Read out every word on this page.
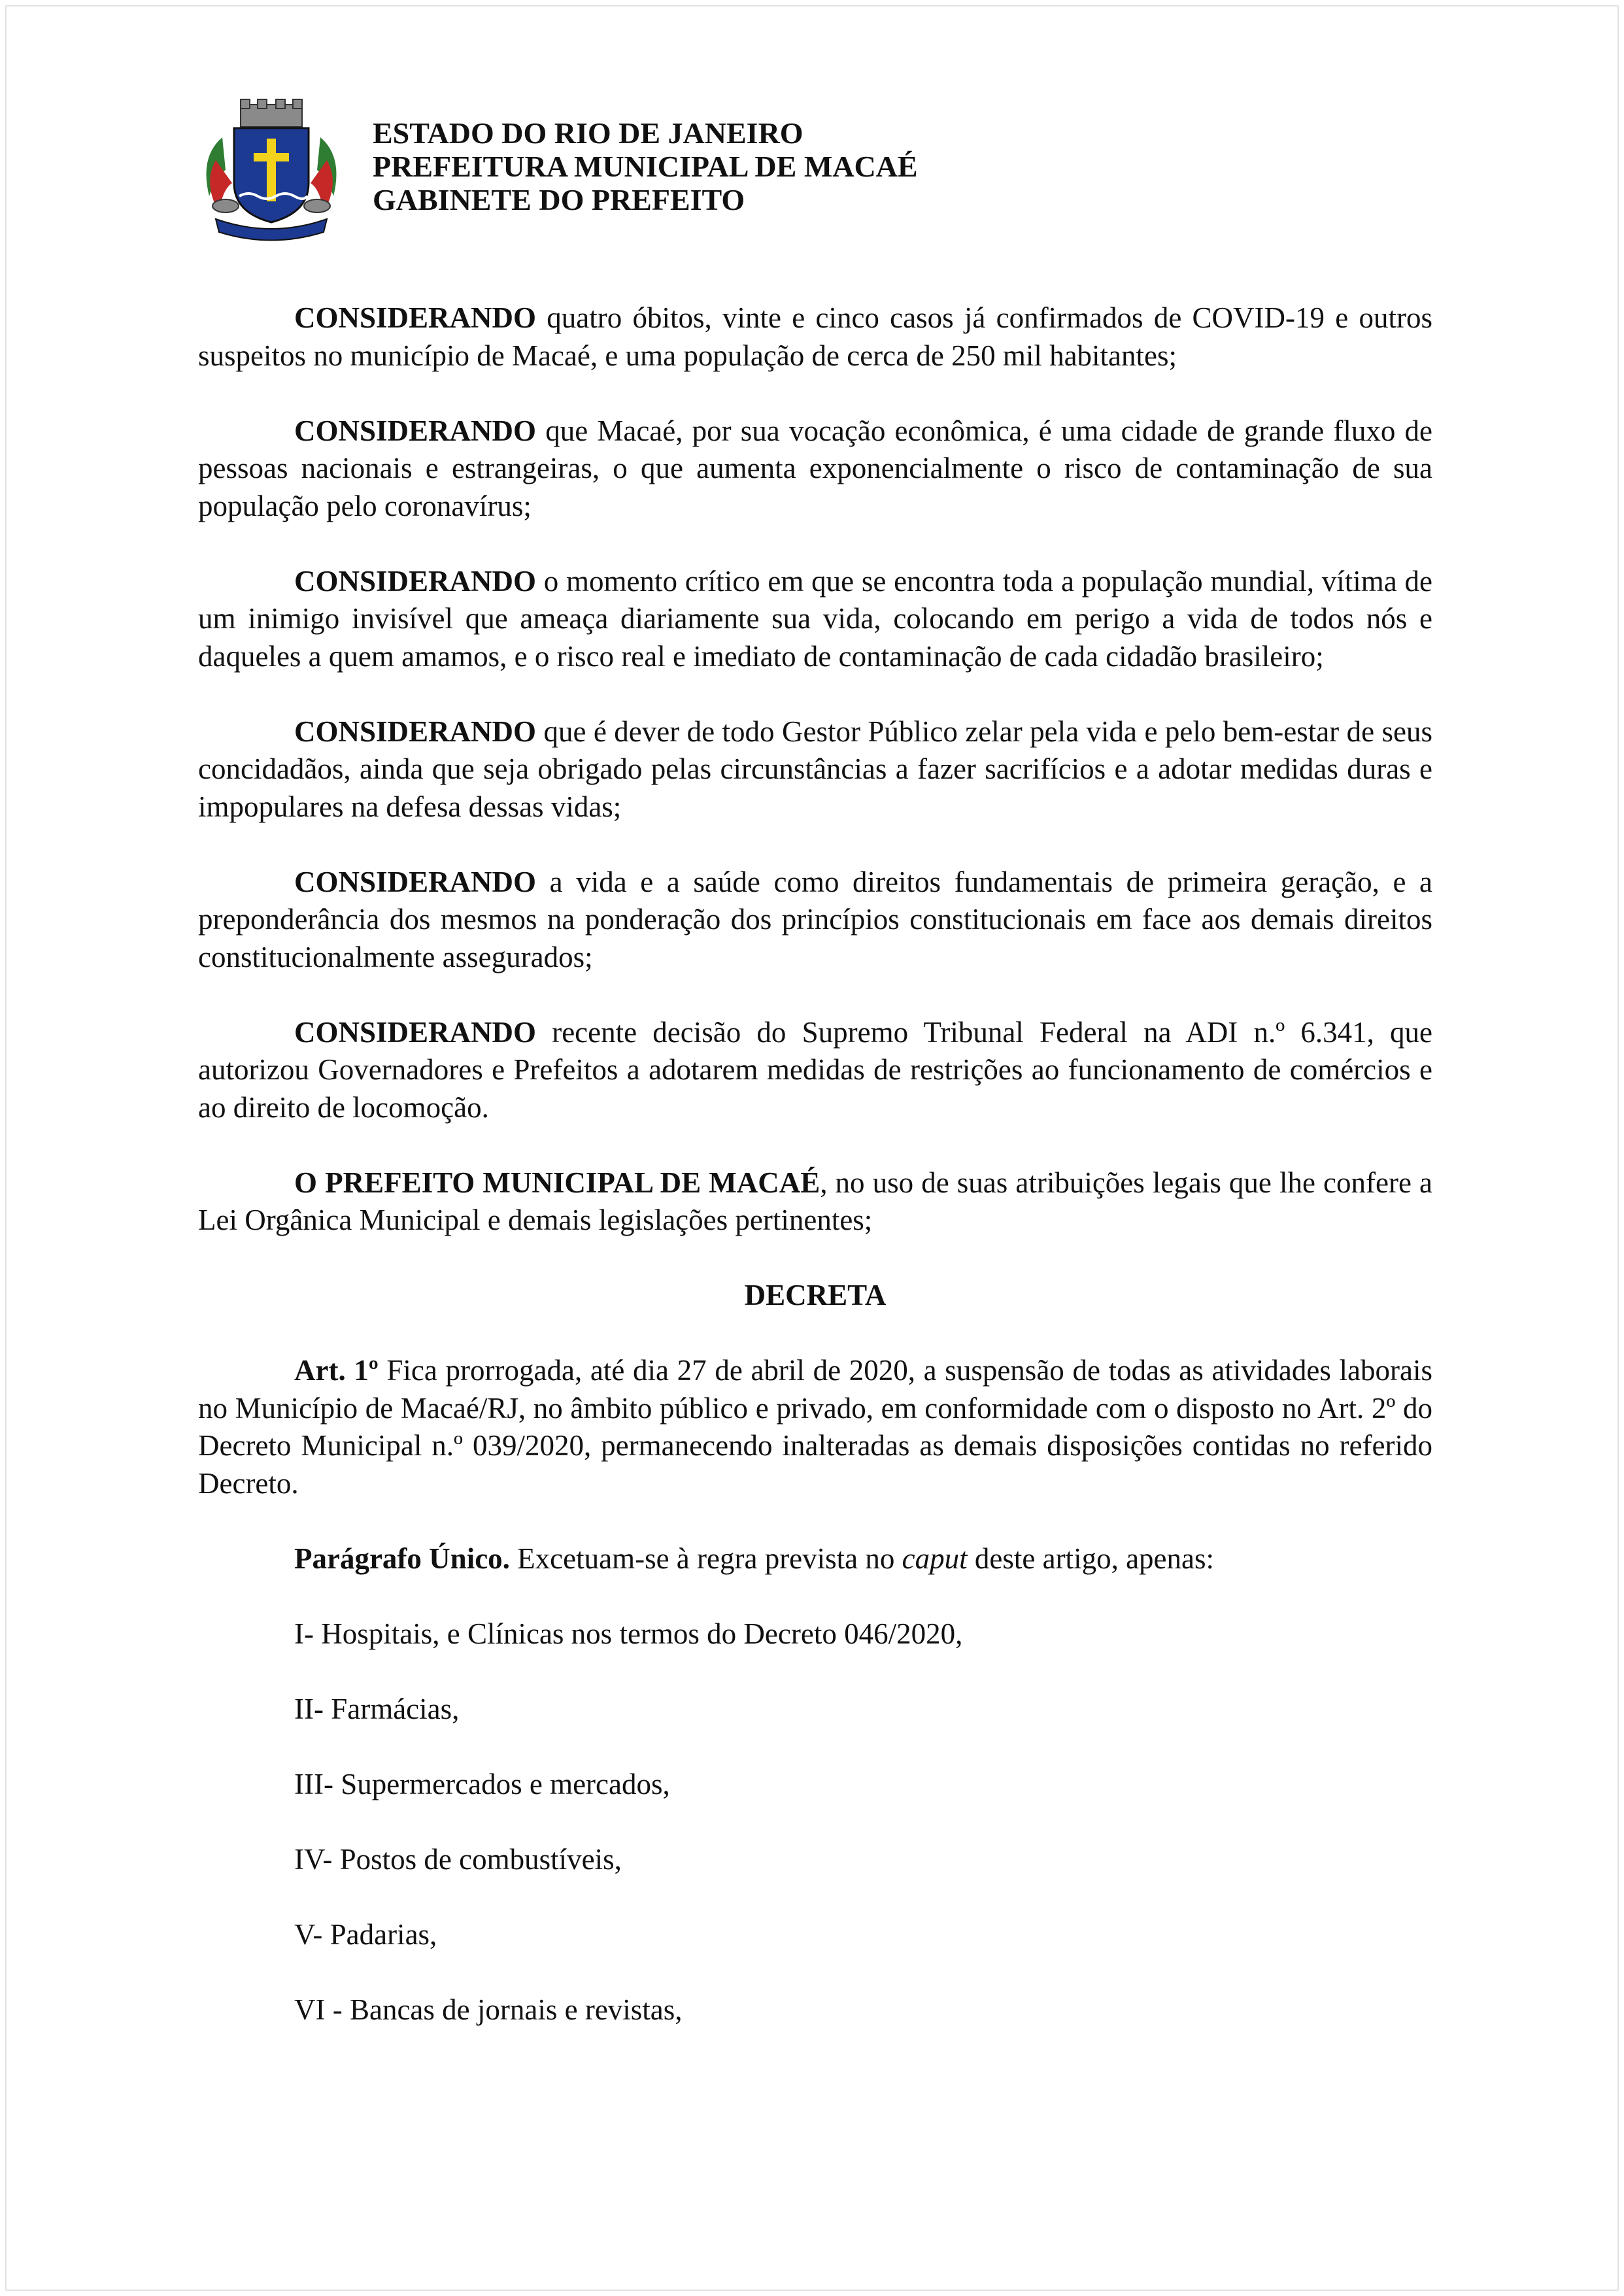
ESTADO DO RIO DE JANEIRO
PREFEITURA MUNICIPAL DE MACAÉ
GABINETE DO PREFEITO

CONSIDERANDO quatro óbitos, vinte e cinco casos já confirmados de COVID-19 e outros suspeitos no município de Macaé, e uma população de cerca de 250 mil habitantes;

CONSIDERANDO que Macaé, por sua vocação econômica, é uma cidade de grande fluxo de pessoas nacionais e estrangeiras, o que aumenta exponencialmente o risco de contaminação de sua população pelo coronavírus;

CONSIDERANDO o momento crítico em que se encontra toda a população mundial, vítima de um inimigo invisível que ameaça diariamente sua vida, colocando em perigo a vida de todos nós e daqueles a quem amamos, e o risco real e imediato de contaminação de cada cidadão brasileiro;

CONSIDERANDO que é dever de todo Gestor Público zelar pela vida e pelo bem-estar de seus concidadãos, ainda que seja obrigado pelas circunstâncias a fazer sacrifícios e a adotar medidas duras e impopulares na defesa dessas vidas;

CONSIDERANDO a vida e a saúde como direitos fundamentais de primeira geração, e a preponderância dos mesmos na ponderação dos princípios constitucionais em face aos demais direitos constitucionalmente assegurados;

CONSIDERANDO recente decisão do Supremo Tribunal Federal na ADI n.º 6.341, que autorizou Governadores e Prefeitos a adotarem medidas de restrições ao funcionamento de comércios e ao direito de locomoção.

O PREFEITO MUNICIPAL DE MACAÉ, no uso de suas atribuições legais que lhe confere a Lei Orgânica Municipal e demais legislações pertinentes;

DECRETA

Art. 1º Fica prorrogada, até dia 27 de abril de 2020, a suspensão de todas as atividades laborais no Município de Macaé/RJ, no âmbito público e privado, em conformidade com o disposto no Art. 2º do Decreto Municipal n.º 039/2020, permanecendo inalteradas as demais disposições contidas no referido Decreto.

Parágrafo Único. Excetuam-se à regra prevista no caput deste artigo, apenas:

I- Hospitais, e Clínicas nos termos do Decreto 046/2020,
II- Farmácias,
III- Supermercados e mercados,
IV- Postos de combustíveis,
V- Padarias,
VI - Bancas de jornais e revistas,
